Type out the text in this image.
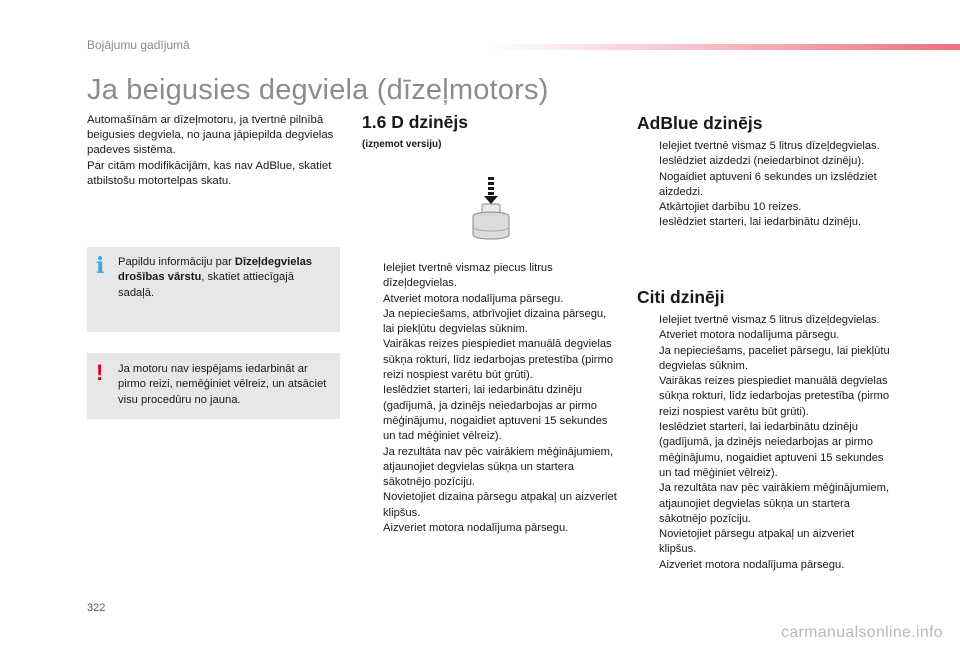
Bojājumu gadījumā
Ja beigusies degviela (dīzeļmotors)

Automašīnām ar dīzeļmotoru, ja tvertnē pilnībā beigusies degviela, no jauna jāpiepilda degvielas padeves sistēma.

Par citām modifikācijām, kas nav AdBlue, skatiet atbilstošu motortelpas skatu.

i Papildu informāciju par Dīzeļdegvielas drošības vārstu, skatiet attiecīgajā sadaļā.

! Ja motoru nav iespējams iedarbināt ar pirmo reizi, nemēģiniet vēlreiz, un atsāciet visu procedūru no jauna.

1.6 D dzinējs
(izņemot versiju)
Ielejiet tvertnē vismaz piecus litrus dīzeļdegvielas.
Atveriet motora nodalījuma pārsegu.
Ja nepieciešams, atbrīvojiet dizaina pārsegu, lai piekļūtu degvielas sūknim.
Vairākas reizes piespiediet manuālā degvielas sūkņa rokturi, līdz iedarbojas pretestība (pirmo reizi nospiest varētu būt grūti).
Ieslēdziet starteri, lai iedarbinātu dzinēju (gadījumā, ja dzinējs neiedarbojas ar pirmo mēģinājumu, nogaidiet aptuveni 15 sekundes un tad mēģiniet vēlreiz).
Ja rezultāta nav pēc vairākiem mēģinājumiem, atjaunojiet degvielas sūkņa un startera sākotnējo pozīciju.
Novietojiet dizaina pārsegu atpakaļ un aizveriet klipšus.
Aizveriet motora nodalījuma pārsegu.
AdBlue dzinējs
Ielejiet tvertnē vismaz 5 litrus dīzeļdegvielas.
Ieslēdziet aizdedzi (neiedarbinot dzinēju).
Nogaidiet aptuveni 6 sekundes un izslēdziet aizdedzi.
Atkārtojiet darbību 10 reizes.
Ieslēdziet starteri, lai iedarbinātu dzinēju.
Citi dzinēji
Ielejiet tvertnē vismaz 5 litrus dīzeļdegvielas.
Atveriet motora nodalījuma pārsegu.
Ja nepieciešams, paceliet pārsegu, lai piekļūtu degvielas sūknim.
Vairākas reizes piespiediet manuālā degvielas sūkņa rokturi, līdz iedarbojas pretestība (pirmo reizi nospiest varētu būt grūti).
Ieslēdziet starteri, lai iedarbinātu dzinēju (gadījumā, ja dzinējs neiedarbojas ar pirmo mēģinājumu, nogaidiet aptuveni 15 sekundes un tad mēģiniet vēlreiz).
Ja rezultāta nav pēc vairākiem mēģinājumiem, atjaunojiet degvielas sūkņa un startera sākotnējo pozīciju.
Novietojiet pārsegu atpakaļ un aizveriet klipšus.
Aizveriet motora nodalījuma pārsegu.
322
carmanualsonline.info
